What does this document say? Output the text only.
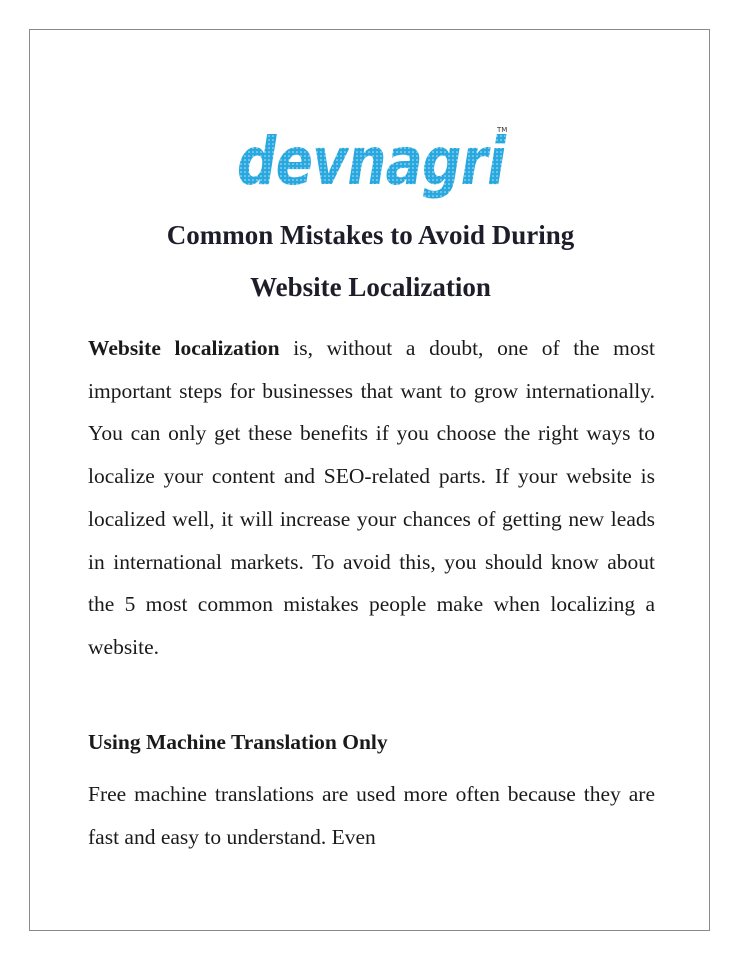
devnagri
TM
Common Mistakes to Avoid During
Website Localization

Website localization is, without a doubt, one of the most important steps for businesses that want to grow internationally. You can only get these benefits if you choose the right ways to localize your content and SEO-related parts. If your website is localized well, it will increase your chances of getting new leads in international markets. To avoid this, you should know about the 5 most common mistakes people make when localizing a website.

Using Machine Translation Only

Free machine translations are used more often because they are fast and easy to understand. Even
